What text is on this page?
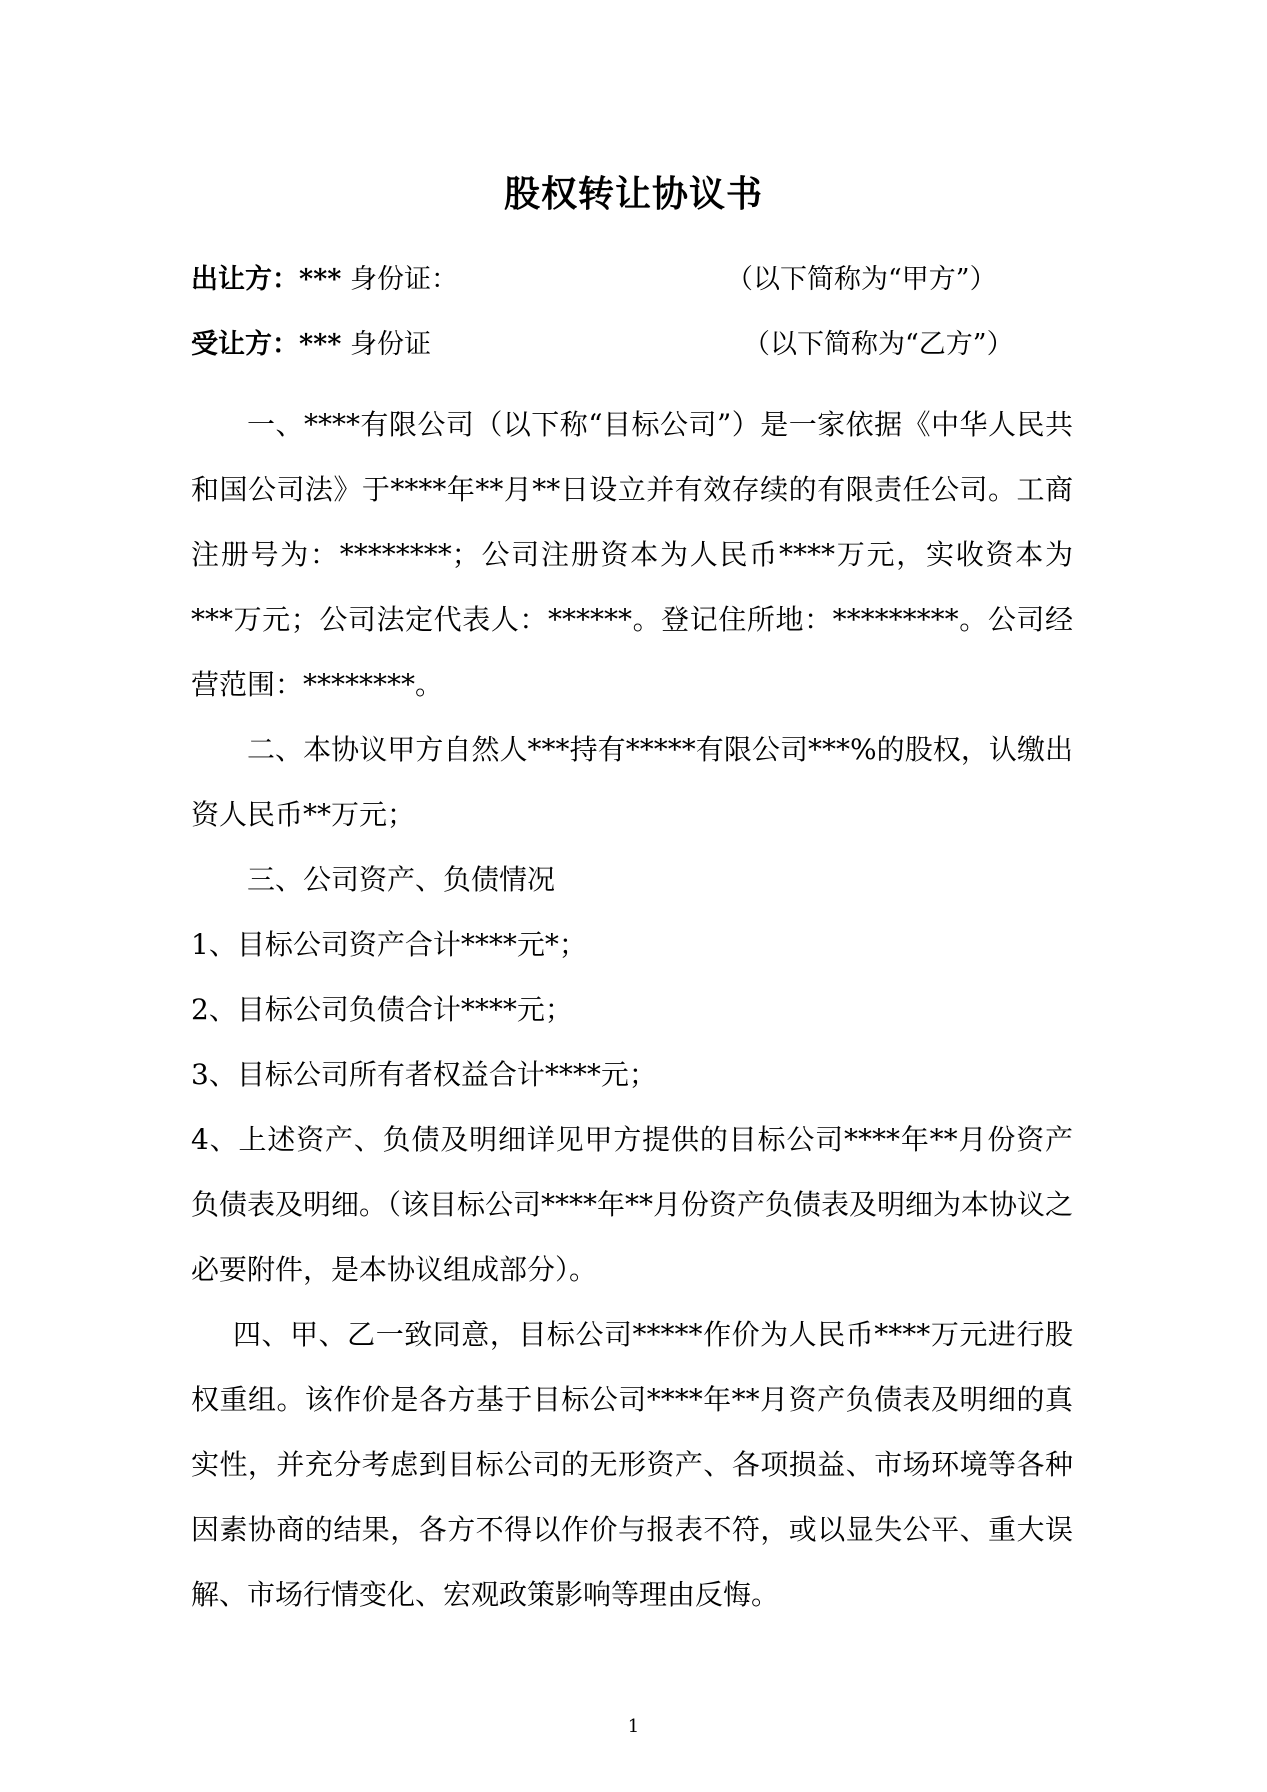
股权转让协议书
出让方：*** 身份证：	（以下简称为“甲方”）
受让方：*** 身份证	（以下简称为“乙方”）

一、****有限公司（以下称“目标公司”）是一家依据《中华人民共和国公司法》于****年**月**日设立并有效存续的有限责任公司。工商注册号为：********；公司注册资本为人民币****万元，实收资本为 ***万元；公司法定代表人：******。登记住所地：*********。公司经营范围：********。

二、本协议甲方自然人***持有*****有限公司***%的股权，认缴出资人民币**万元；

三、公司资产、负债情况

1、目标公司资产合计****元*；

2、目标公司负债合计****元；

3、目标公司所有者权益合计****元；

4、上述资产、负债及明细详见甲方提供的目标公司****年**月份资产负债表及明细。（该目标公司****年**月份资产负债表及明细为本协议之必要附件，是本协议组成部分）。

四、甲、乙一致同意，目标公司*****作价为人民币****万元进行股权重组。该作价是各方基于目标公司****年**月资产负债表及明细的真实性，并充分考虑到目标公司的无形资产、各项损益、市场环境等各种因素协商的结果，各方不得以作价与报表不符，或以显失公平、重大误解、市场行情变化、宏观政策影响等理由反悔。

1
